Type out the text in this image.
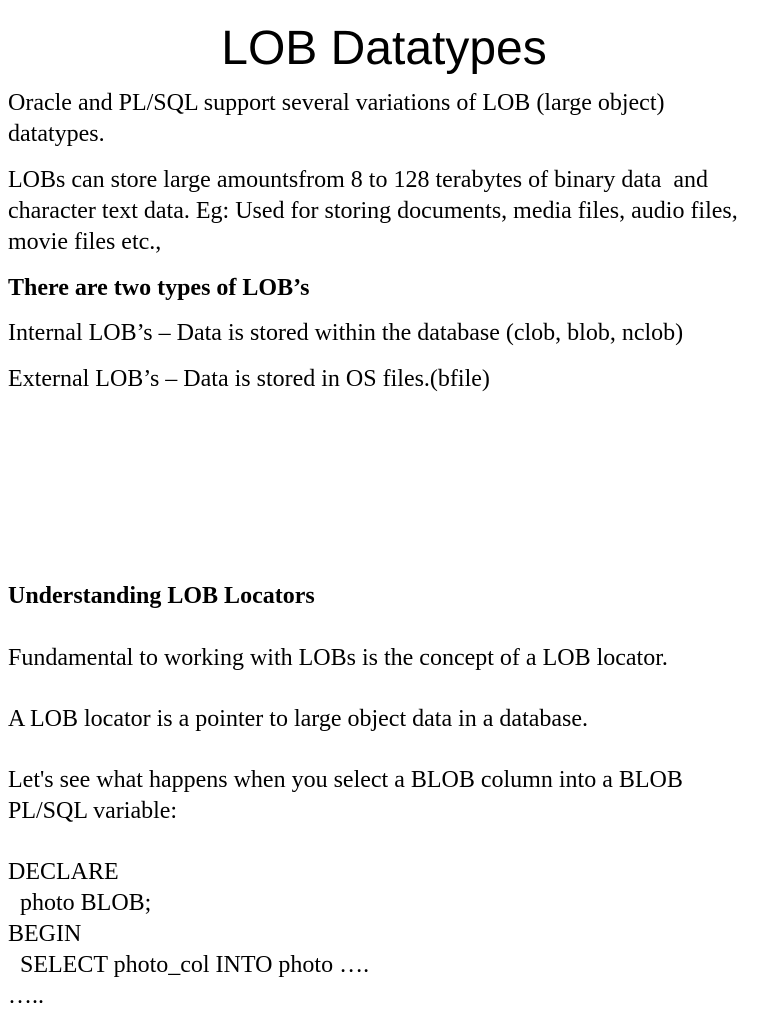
LOB Datatypes

Oracle and PL/SQL support several variations of LOB (large object) datatypes.

LOBs can store large amountsfrom 8 to 128 terabytes of binary data  and character text data. Eg: Used for storing documents, media files, audio files, movie files etc.,

There are two types of LOB’s

Internal LOB’s – Data is stored within the database (clob, blob, nclob)

External LOB’s – Data is stored in OS files.(bfile)

Understanding LOB Locators

Fundamental to working with LOBs is the concept of a LOB locator.

A LOB locator is a pointer to large object data in a database.

Let's see what happens when you select a BLOB column into a BLOB PL/SQL variable:

DECLARE

photo BLOB;

BEGIN

SELECT photo_col INTO photo ….

…..
